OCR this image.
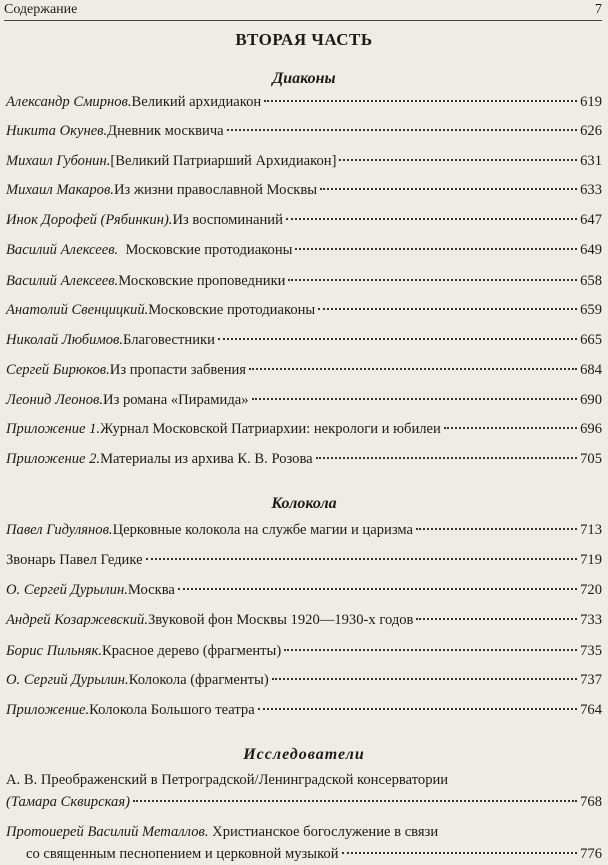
Содержание	7
ВТОРАЯ ЧАСТЬ
Диаконы
Александр Смирнов. Великий архидиакон	619
Никита Окунев. Дневник москвича	626
Михаил Губонин. [Великий Патриарший Архидиакон]	631
Михаил Макаров. Из жизни православной Москвы	633
Инок Дорофей (Рябинкин). Из воспоминаний	647
Василий Алексеев. Московские протодиаконы	649
Василий Алексеев. Московские проповедники	658
Анатолий Свенцицкий. Московские протодиаконы	659
Николай Любимов. Благовестники	665
Сергей Бирюков. Из пропасти забвения	684
Леонид Леонов. Из романа «Пирамида»	690
Приложение 1. Журнал Московской Патриархии: некрологи и юбилеи	696
Приложение 2. Материалы из архива К. В. Розова	705
Колокола
Павел Гидулянов. Церковные колокола на службе магии и царизма	713
Звонарь Павел Гедике	719
О. Сергей Дурылин. Москва	720
Андрей Козаржевский. Звуковой фон Москвы 1920—1930-х годов	733
Борис Пильняк. Красное дерево (фрагменты)	735
О. Сергий Дурылин. Колокола (фрагменты)	737
Приложение. Колокола Большого театра	764
Исследователи
А. В. Преображенский в Петроградской/Ленинградской консерватории
(Тамара Сквирская)	768
Протоиерей Василий Металлов. Христианское богослужение в связи
со священным песнопением и церковной музыкой	776
